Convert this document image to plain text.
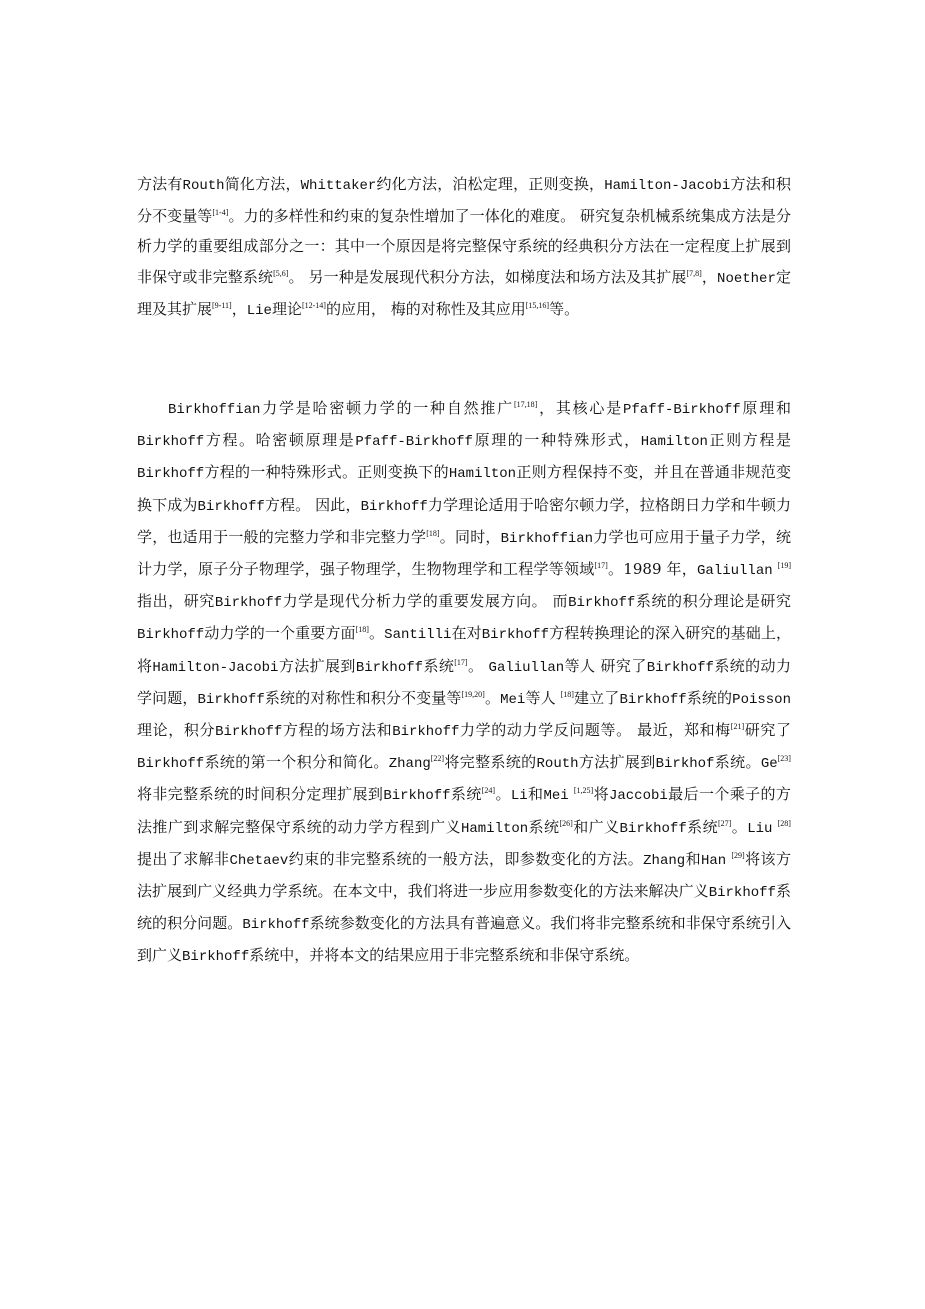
方法有Routh简化方法，Whittaker约化方法，泊松定理，正则变换，Hamilton-Jacobi方法和积分不变量等[1-4]。力的多样性和约束的复杂性增加了一体化的难度。 研究复杂机械系统集成方法是分析力学的重要组成部分之一：其中一个原因是将完整保守系统的经典积分方法在一定程度上扩展到非保守或非完整系统[5,6]。 另一种是发展现代积分方法，如梯度法和场方法及其扩展[7,8]，Noether定理及其扩展[9-11]，Lie理论[12-14]的应用， 梅的对称性及其应用[15,16]等。

Birkhoffian力学是哈密顿力学的一种自然推广[17,18]，其核心是Pfaff-Birkhoff原理和Birkhoff方程。哈密顿原理是Pfaff-Birkhoff原理的一种特殊形式，Hamilton正则方程是Birkhoff方程的一种特殊形式。正则变换下的Hamilton正则方程保持不变，并且在普通非规范变换下成为Birkhoff方程。 因此，Birkhoff力学理论适用于哈密尔顿力学，拉格朗日力学和牛顿力学，也适用于一般的完整力学和非完整力学[18]。同时，Birkhoffian力学也可应用于量子力学，统计力学，原子分子物理学，强子物理学，生物物理学和工程学等领域[17]。1989 年，Galiullan [19]指出，研究Birkhoff力学是现代分析力学的重要发展方向。 而Birkhoff系统的积分理论是研究Birkhoff动力学的一个重要方面[18]。Santilli在对Birkhoff方程转换理论的深入研究的基础上，将Hamilton-Jacobi方法扩展到Birkhoff系统[17]。 Galiullan等人 研究了Birkhoff系统的动力学问题，Birkhoff系统的对称性和积分不变量等[19,20]。Mei等人 [18]建立了Birkhoff系统的Poisson理论，积分Birkhoff方程的场方法和Birkhoff力学的动力学反问题等。 最近，郑和梅[21]研究了Birkhoff系统的第一个积分和简化。Zhang[22]将完整系统的Routh方法扩展到Birkhof系统。Ge[23]将非完整系统的时间积分定理扩展到Birkhoff系统[24]。Li和Mei [1,25]将Jaccobi最后一个乘子的方法推广到求解完整保守系统的动力学方程到广义Hamilton系统[26]和广义Birkhoff系统[27]。Liu [28]提出了求解非Chetaev约束的非完整系统的一般方法，即参数变化的方法。Zhang和Han [29]将该方法扩展到广义经典力学系统。在本文中，我们将进一步应用参数变化的方法来解决广义Birkhoff系统的积分问题。Birkhoff系统参数变化的方法具有普遍意义。我们将非完整系统和非保守系统引入到广义Birkhoff系统中，并将本文的结果应用于非完整系统和非保守系统。
